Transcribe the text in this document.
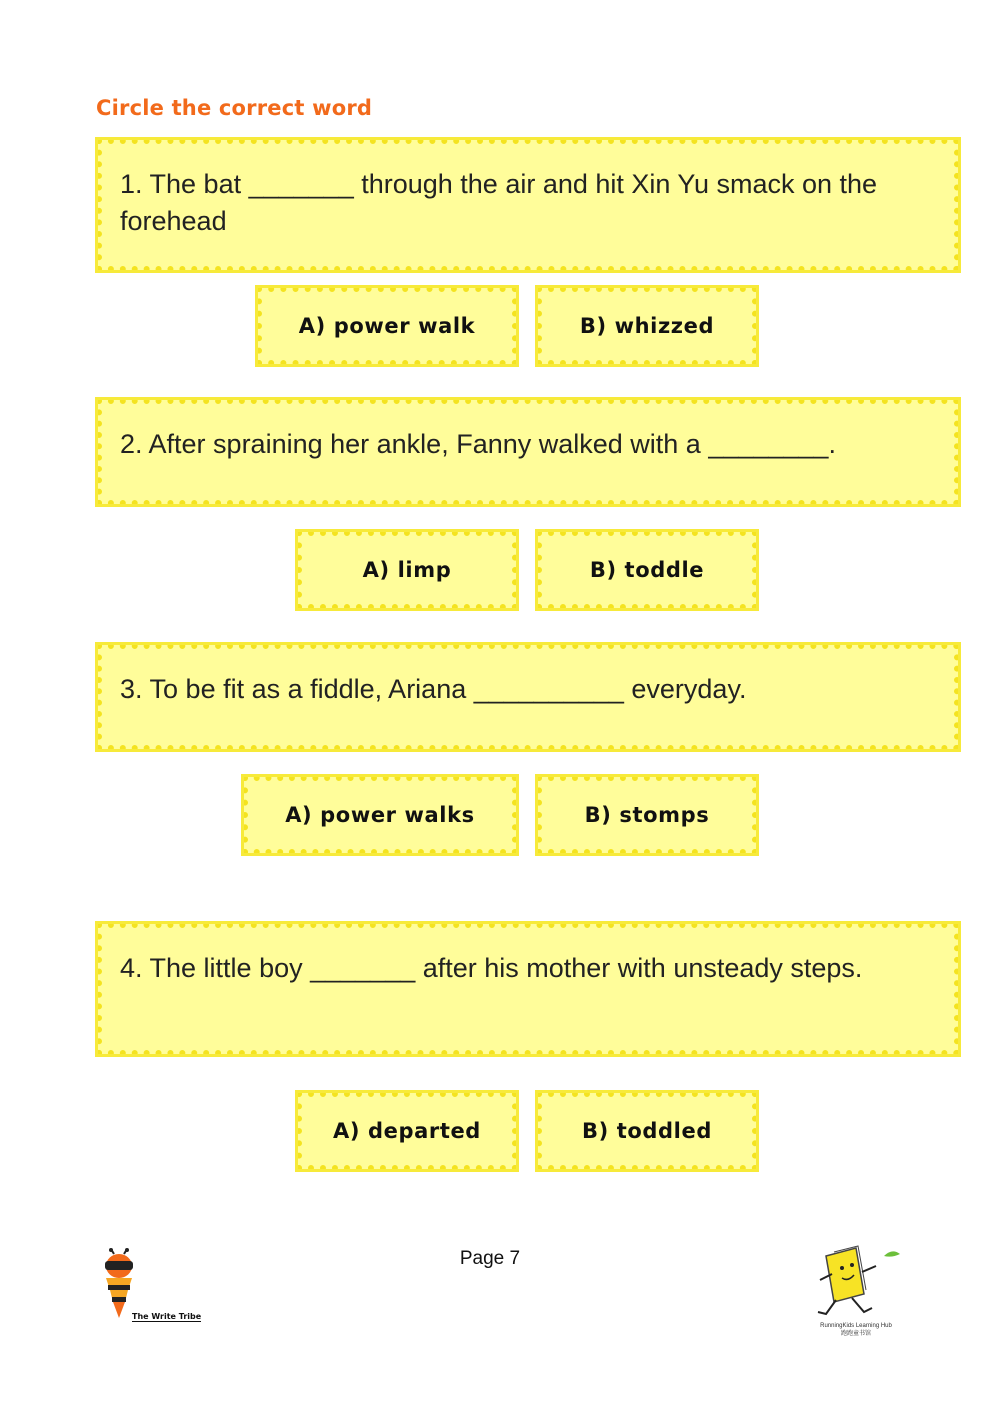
Circle the correct word
1. The bat _______ through the air and hit Xin Yu smack on the forehead
A) power walk	B) whizzed
2. After spraining her ankle, Fanny walked with a ________.
A) limp	B) toddle
3. To be fit as a fiddle, Ariana __________ everyday.
A) power walks	B) stomps
4. The little boy _______ after his mother with unsteady steps.
A) departed	B) toddled
Page 7
The Write Tribe
RunningKids Learning Hub
跑跑童书馆
